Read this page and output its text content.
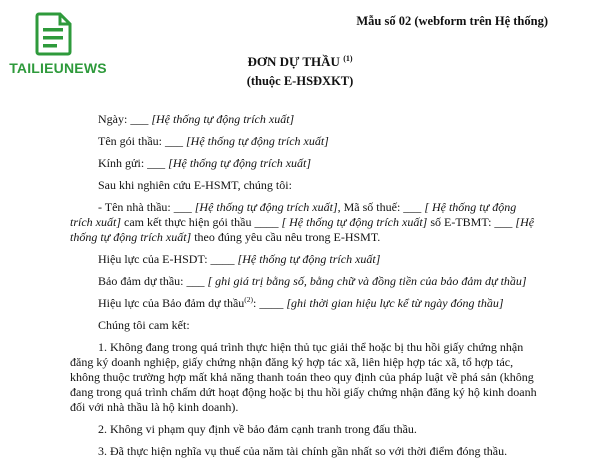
TAILIEUNEWS
Mẫu số 02 (webform trên Hệ thống)
ĐƠN DỰ THẦU $^{(1)}$
(thuộc E-HSĐXKT)

Ngày: ___ [Hệ thống tự động trích xuất]

Tên gói thầu: ___ [Hệ thống tự động trích xuất]

Kính gửi: ___ [Hệ thống tự động trích xuất]

Sau khi nghiên cứu E-HSMT, chúng tôi:

- Tên nhà thầu: ___ [Hệ thống tự động trích xuất], Mã số thuế: ___ [ Hệ thống tự động trích xuất] cam kết thực hiện gói thầu ____ [ Hệ thống tự động trích xuất] số E-TBMT: ___ [Hệ thống tự động trích xuất] theo đúng yêu cầu nêu trong E-HSMT.

Hiệu lực của E-HSDT: ____ [Hệ thống tự động trích xuất]

Bảo đảm dự thầu: ___ [ ghi giá trị bằng số, bằng chữ và đồng tiền của bảo đảm dự thầu]

Hiệu lực của Bảo đảm dự thầu$^{(2)}$: ____ [ghi thời gian hiệu lực kể từ ngày đóng thầu]

Chúng tôi cam kết:

1. Không đang trong quá trình thực hiện thủ tục giải thể hoặc bị thu hồi giấy chứng nhận đăng ký doanh nghiệp, giấy chứng nhận đăng ký hợp tác xã, liên hiệp hợp tác xã, tổ hợp tác, không thuộc trường hợp mất khả năng thanh toán theo quy định của pháp luật về phá sản (không đang trong quá trình chấm dứt hoạt động hoặc bị thu hồi giấy chứng nhận đăng ký hộ kinh doanh đối với nhà thầu là hộ kinh doanh).

2. Không vi phạm quy định về bảo đảm cạnh tranh trong đấu thầu.

3. Đã thực hiện nghĩa vụ thuế của năm tài chính gần nhất so với thời điểm đóng thầu.
